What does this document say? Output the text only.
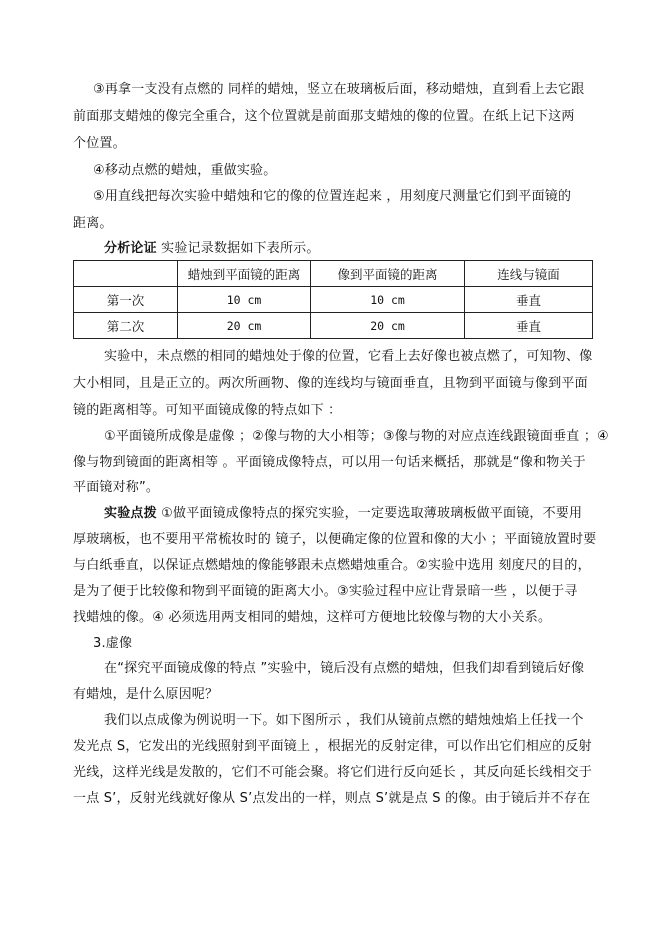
③再拿一支没有点燃的 同样的蜡烛，竖立在玻璃板后面，移动蜡烛，直到看上去它跟
前面那支蜡烛的像完全重合，这个位置就是前面那支蜡烛的像的位置。在纸上记下这两
个位置。
④移动点燃的蜡烛，重做实验。
⑤用直线把每次实验中蜡烛和它的像的位置连起来 ，用刻度尺测量它们到平面镜的
距离。
分析论证 实验记录数据如下表所示。
	蜡烛到平面镜的距离	像到平面镜的距离	连线与镜面
第一次	10 cm	10 cm	垂直
第二次	20 cm	20 cm	垂直
实验中，未点燃的相同的蜡烛处于像的位置，它看上去好像也被点燃了，可知物、像
大小相同，且是正立的。两次所画物、像的连线均与镜面垂直，且物到平面镜与像到平面
镜的距离相等。可知平面镜成像的特点如下 ：
①平面镜所成像是虚像 ；②像与物的大小相等；③像与物的对应点连线跟镜面垂直 ；④
像与物到镜面的距离相等 。平面镜成像特点，可以用一句话来概括，那就是“像和物关于
平面镜对称”。
实验点拨 ①做平面镜成像特点的探究实验，一定要选取薄玻璃板做平面镜，不要用
厚玻璃板，也不要用平常梳妆时的 镜子，以便确定像的位置和像的大小 ；平面镜放置时要
与白纸垂直，以保证点燃蜡烛的像能够跟未点燃蜡烛重合。②实验中选用 刻度尺的目的，
是为了便于比较像和物到平面镜的距离大小。③实验过程中应让背景暗一些 ，以便于寻
找蜡烛的像。④ 必须选用两支相同的蜡烛，这样可方便地比较像与物的大小关系。
3.虚像
在“探究平面镜成像的特点 ”实验中，镜后没有点燃的蜡烛，但我们却看到镜后好像
有蜡烛，是什么原因呢？
我们以点成像为例说明一下。如下图所示 ，我们从镜前点燃的蜡烛烛焰上任找一个
发光点 S，它发出的光线照射到平面镜上 ，根据光的反射定律，可以作出它们相应的反射
光线，这样光线是发散的，它们不可能会聚。将它们进行反向延长 ，其反向延长线相交于
一点 S’，反射光线就好像从 S’点发出的一样，则点 S’就是点 S 的像。由于镜后并不存在
